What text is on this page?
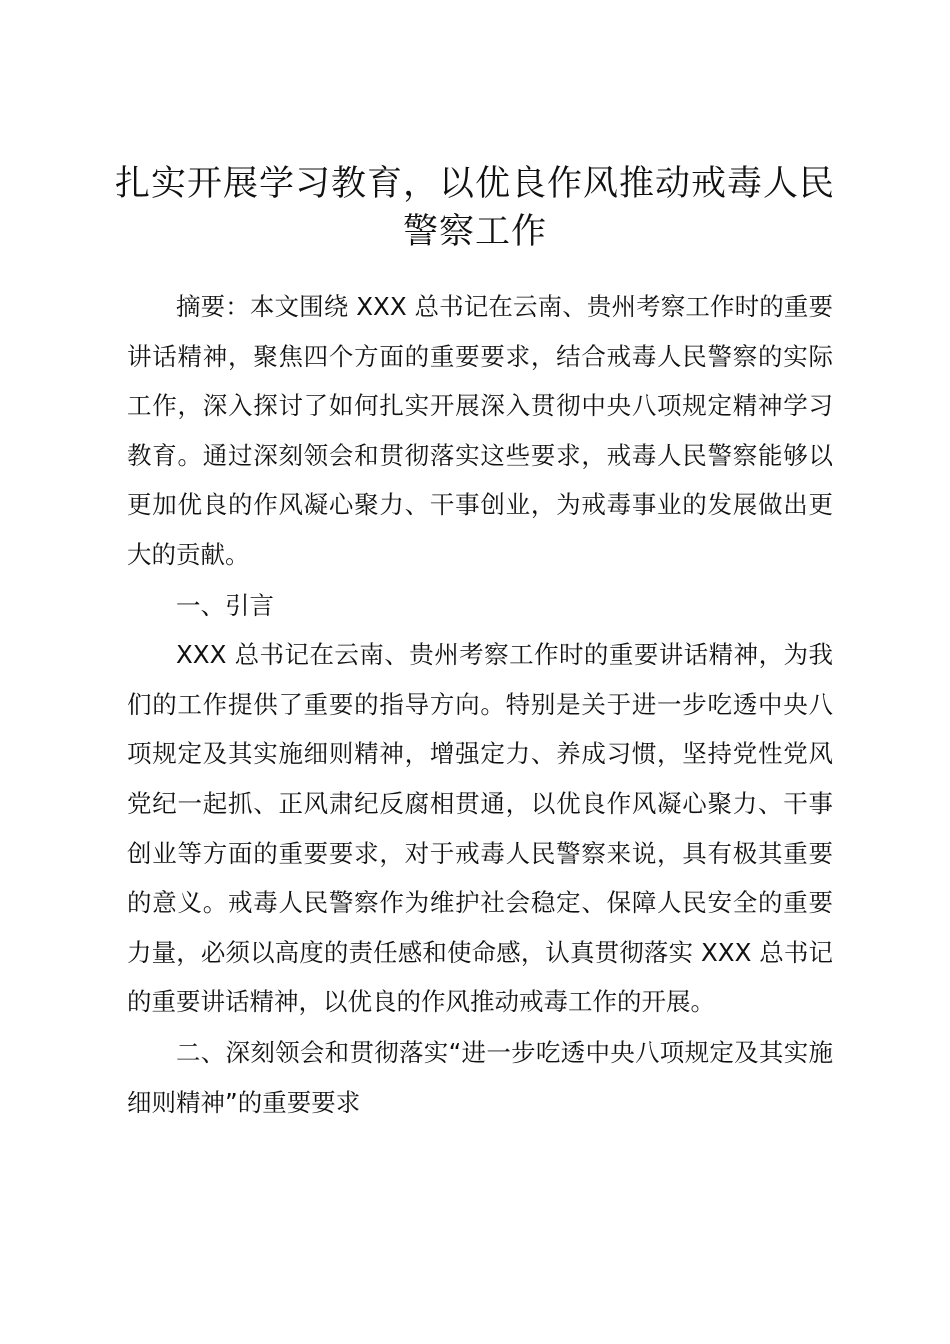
扎实开展学习教育，以优良作风推动戒毒人民警察工作

摘要：本文围绕 XXX 总书记在云南、贵州考察工作时的重要讲话精神，聚焦四个方面的重要要求，结合戒毒人民警察的实际工作，深入探讨了如何扎实开展深入贯彻中央八项规定精神学习教育。通过深刻领会和贯彻落实这些要求，戒毒人民警察能够以更加优良的作风凝心聚力、干事创业，为戒毒事业的发展做出更大的贡献。

一、引言

XXX 总书记在云南、贵州考察工作时的重要讲话精神，为我们的工作提供了重要的指导方向。特别是关于进一步吃透中央八项规定及其实施细则精神，增强定力、养成习惯，坚持党性党风党纪一起抓、正风肃纪反腐相贯通，以优良作风凝心聚力、干事创业等方面的重要要求，对于戒毒人民警察来说，具有极其重要的意义。戒毒人民警察作为维护社会稳定、保障人民安全的重要力量，必须以高度的责任感和使命感，认真贯彻落实 XXX 总书记的重要讲话精神，以优良的作风推动戒毒工作的开展。

二、深刻领会和贯彻落实“进一步吃透中央八项规定及其实施细则精神”的重要要求
